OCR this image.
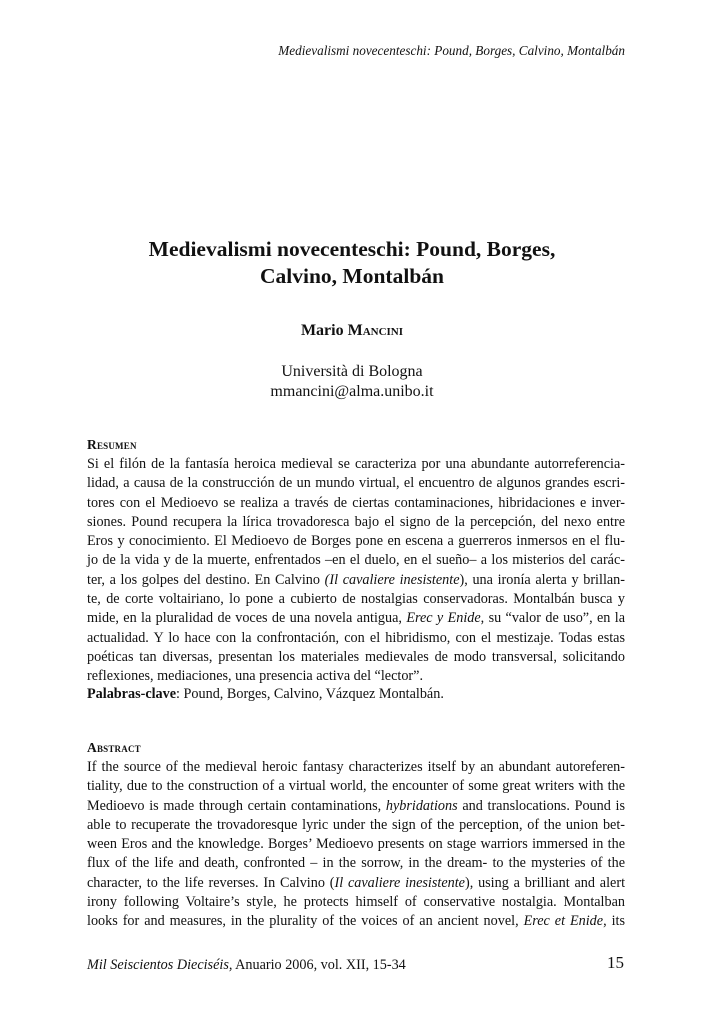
Medievalismi novecenteschi: Pound, Borges, Calvino, Montalbán
Medievalismi novecenteschi: Pound, Borges,
Calvino, Montalbán
Mario Mancini
Università di Bologna
mmancini@alma.unibo.it
Resumen
Si el filón de la fantasía heroica medieval se caracteriza por una abundante autorreferencia-
lidad, a causa de la construcción de un mundo virtual, el encuentro de algunos grandes escri-
tores con el Medioevo se realiza a través de ciertas contaminaciones, hibridaciones e inver-
siones. Pound recupera la lírica trovadoresca bajo el signo de la percepción, del nexo entre
Eros y conocimiento. El Medioevo de Borges pone en escena a guerreros inmersos en el flu-
jo de la vida y de la muerte, enfrentados –en el duelo, en el sueño– a los misterios del carác-
ter, a los golpes del destino. En Calvino (Il cavaliere inesistente), una ironía alerta y brillan-
te, de corte voltairiano, lo pone a cubierto de nostalgias conservadoras. Montalbán busca y
mide, en la pluralidad de voces de una novela antigua, Erec y Enide, su “valor de uso”, en la
actualidad. Y lo hace con la confrontación, con el hibridismo, con el mestizaje. Todas estas
poéticas tan diversas, presentan los materiales medievales de modo transversal, solicitando
reflexiones, mediaciones, una presencia activa del “lector”.
Palabras-clave: Pound, Borges, Calvino, Vázquez Montalbán.
Abstract
If the source of the medieval heroic fantasy characterizes itself by an abundant autoreferen-
tiality, due to the construction of a virtual world, the encounter of some great writers with the
Medioevo is made through certain contaminations, hybridations and translocations. Pound is
able to recuperate the trovadoresque lyric under the sign of the perception, of the union bet-
ween Eros and the knowledge. Borges’ Medioevo presents on stage warriors immersed in the
flux of the life and death, confronted – in the sorrow, in the dream- to the mysteries of the
character, to the life reverses. In Calvino (Il cavaliere inesistente), using a brilliant and alert
irony following Voltaire’s style, he protects himself of conservative nostalgia. Montalban
looks for and measures, in the plurality of the voices of an ancient novel, Erec et Enide, its
Mil Seiscientos Dieciséis, Anuario 2006, vol. XII, 15-34	15
